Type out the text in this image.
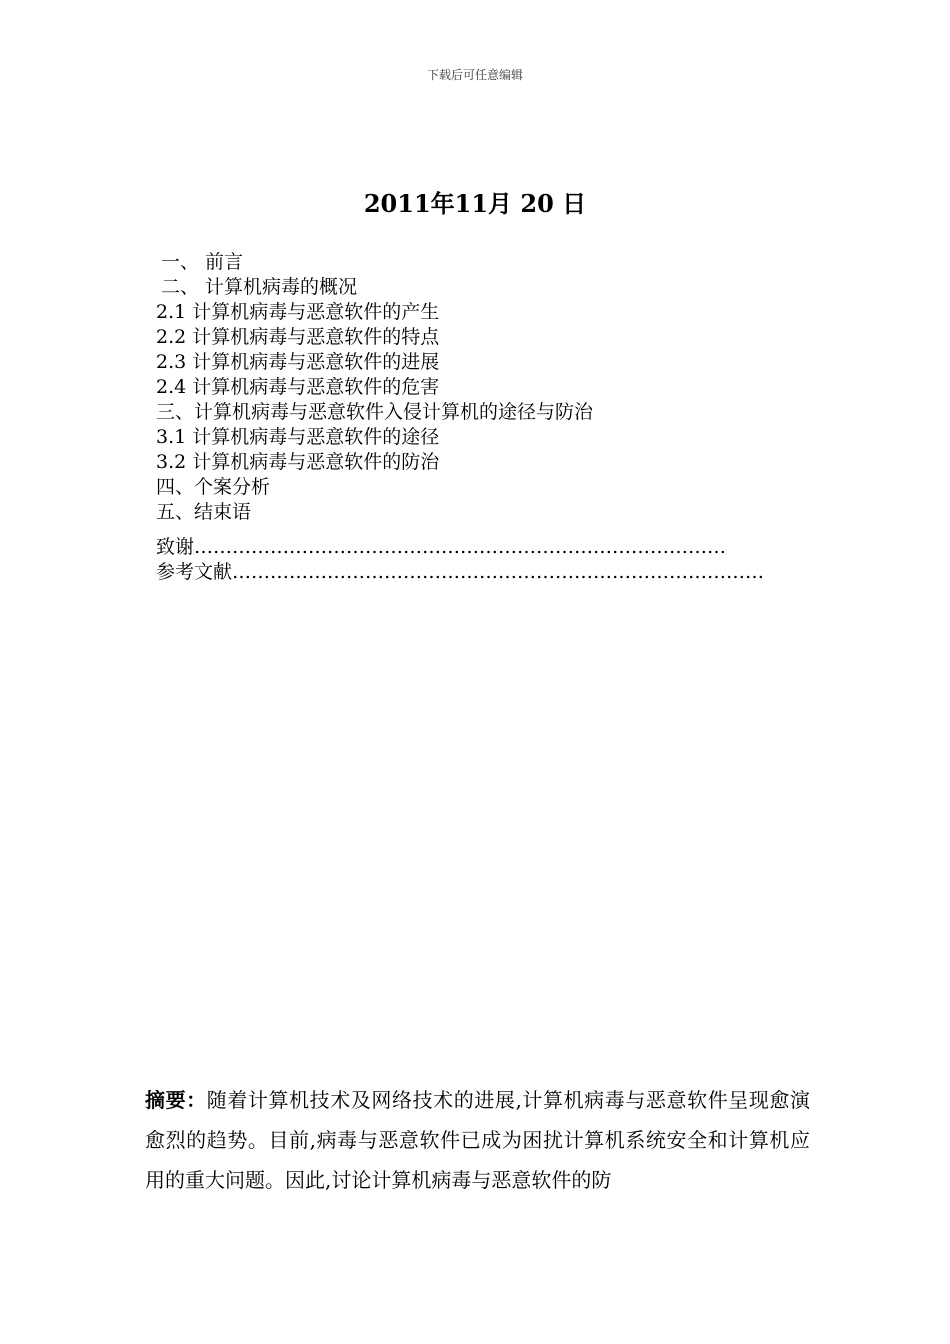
下载后可任意编辑
2011年11月 20 日
一、 前言
二、 计算机病毒的概况
2.1 计算机病毒与恶意软件的产生
2.2 计算机病毒与恶意软件的特点
2.3 计算机病毒与恶意软件的进展
2.4 计算机病毒与恶意软件的危害
三、计算机病毒与恶意软件入侵计算机的途径与防治
3.1 计算机病毒与恶意软件的途径
3.2 计算机病毒与恶意软件的防治
四、个案分析
五、结束语
致谢 …………………………………………………………………………
参考文献 …………………………………………………………………………
摘要：随着计算机技术及网络技术的进展,计算机病毒与恶意软件呈现愈演愈烈的趋势。目前,病毒与恶意软件已成为困扰计算机系统安全和计算机应用的重大问题。因此,讨论计算机病毒与恶意软件的防
